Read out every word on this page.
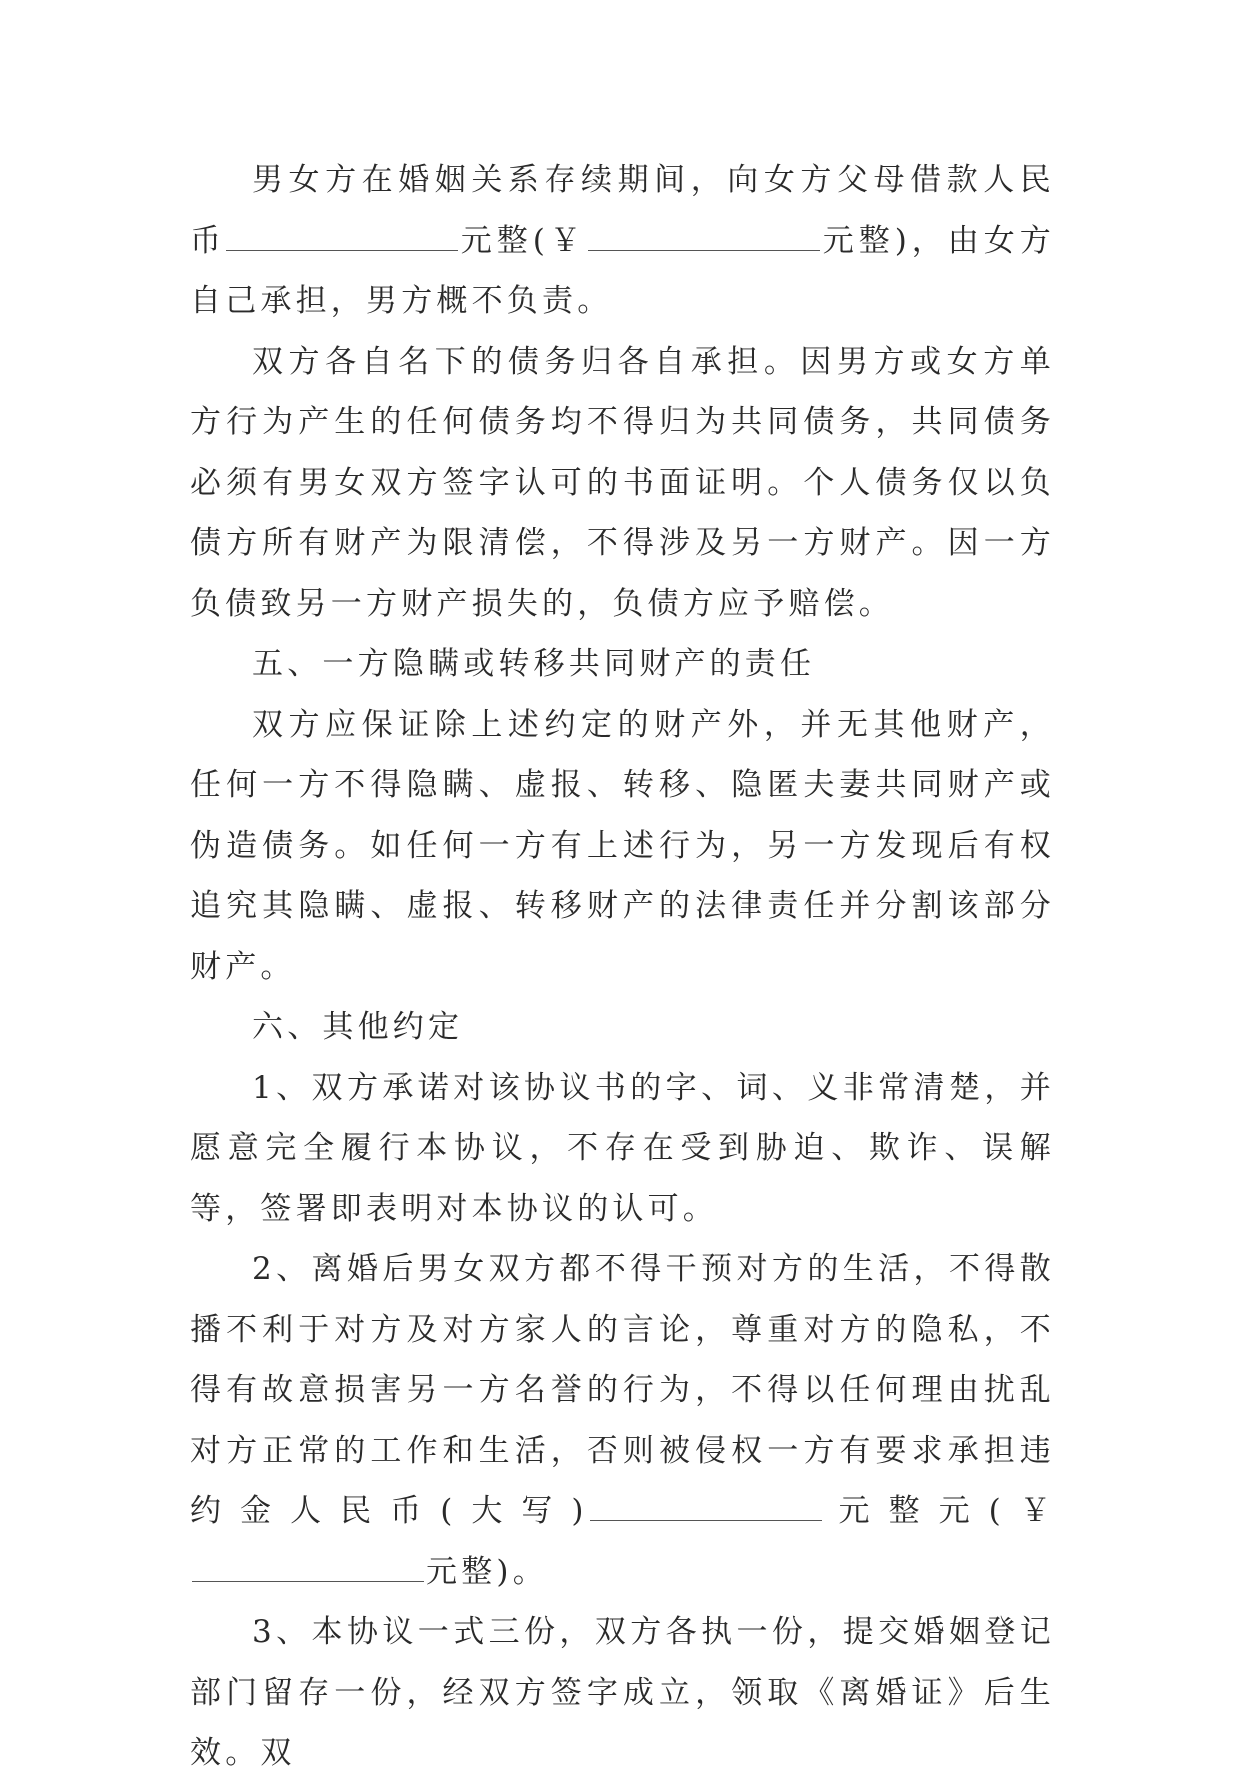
男女方在婚姻关系存续期间，向女方父母借款人民币	元整(￥	元整)，由女方自己承担，男方概不负责。

双方各自名下的债务归各自承担。因男方或女方单方行为产生的任何债务均不得归为共同债务，共同债务必须有男女双方签字认可的书面证明。个人债务仅以负债方所有财产为限清偿，不得涉及另一方财产。因一方负债致另一方财产损失的，负债方应予赔偿。

五、一方隐瞒或转移共同财产的责任

双方应保证除上述约定的财产外，并无其他财产，任何一方不得隐瞒、虚报、转移、隐匿夫妻共同财产或伪造债务。如任何一方有上述行为，另一方发现后有权追究其隐瞒、虚报、转移财产的法律责任并分割该部分财产。

六、其他约定

1、双方承诺对该协议书的字、词、义非常清楚，并愿意完全履行本协议，不存在受到胁迫、欺诈、误解等，签署即表明对本协议的认可。

2、离婚后男女双方都不得干预对方的生活，不得散播不利于对方及对方家人的言论，尊重对方的隐私，不得有故意损害另一方名誉的行为，不得以任何理由扰乱对方正常的工作和生活，否则被侵权一方有要求承担违约金人民币(大写)	元整元(￥元整)。

3、本协议一式三份，双方各执一份，提交婚姻登记部门留存一份，经双方签字成立，领取《离婚证》后生效。双
